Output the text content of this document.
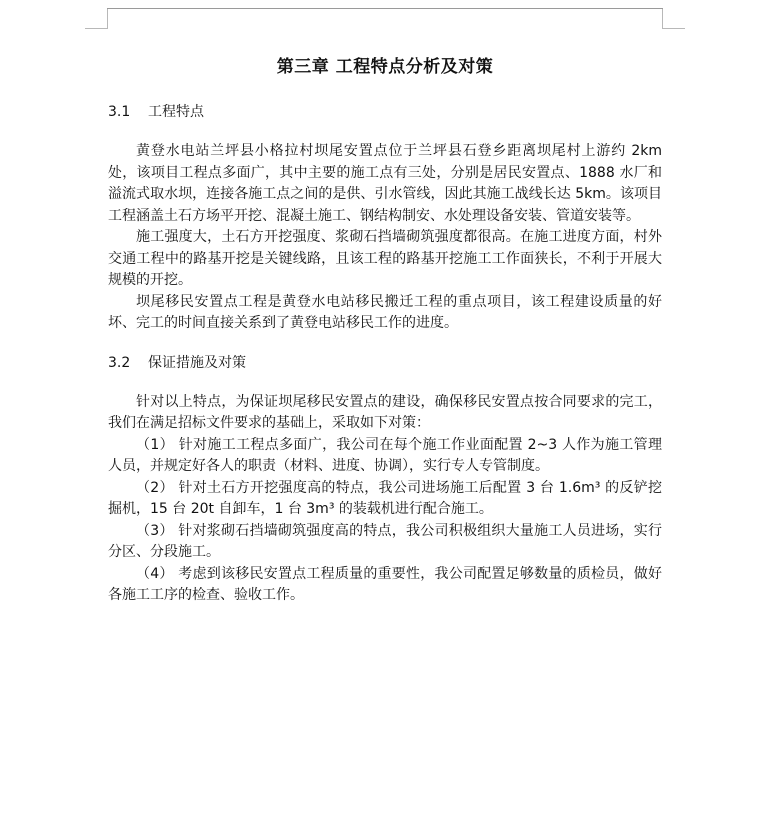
第三章 工程特点分析及对策
3.1 工程特点

黄登水电站兰坪县小格拉村坝尾安置点位于兰坪县石登乡距离坝尾村上游约 2km 处，该项目工程点多面广，其中主要的施工点有三处，分别是居民安置点、1888 水厂和溢流式取水坝，连接各施工点之间的是供、引水管线，因此其施工战线长达 5km。该项目工程涵盖土石方场平开挖、混凝土施工、钢结构制安、水处理设备安装、管道安装等。

施工强度大，土石方开挖强度、浆砌石挡墙砌筑强度都很高。在施工进度方面，村外交通工程中的路基开挖是关键线路，且该工程的路基开挖施工工作面狭长，不利于开展大规模的开挖。

坝尾移民安置点工程是黄登水电站移民搬迁工程的重点项目，该工程建设质量的好坏、完工的时间直接关系到了黄登电站移民工作的进度。

3.2 保证措施及对策

针对以上特点，为保证坝尾移民安置点的建设，确保移民安置点按合同要求的完工，我们在满足招标文件要求的基础上，采取如下对策：

（1） 针对施工工程点多面广，我公司在每个施工作业面配置 2~3 人作为施工管理人员，并规定好各人的职责（材料、进度、协调），实行专人专管制度。

（2） 针对土石方开挖强度高的特点，我公司进场施工后配置 3 台 1.6m³ 的反铲挖掘机，15 台 20t 自卸车，1 台 3m³ 的装载机进行配合施工。

（3） 针对浆砌石挡墙砌筑强度高的特点，我公司积极组织大量施工人员进场，实行分区、分段施工。

（4） 考虑到该移民安置点工程质量的重要性，我公司配置足够数量的质检员，做好各施工工序的检查、验收工作。
